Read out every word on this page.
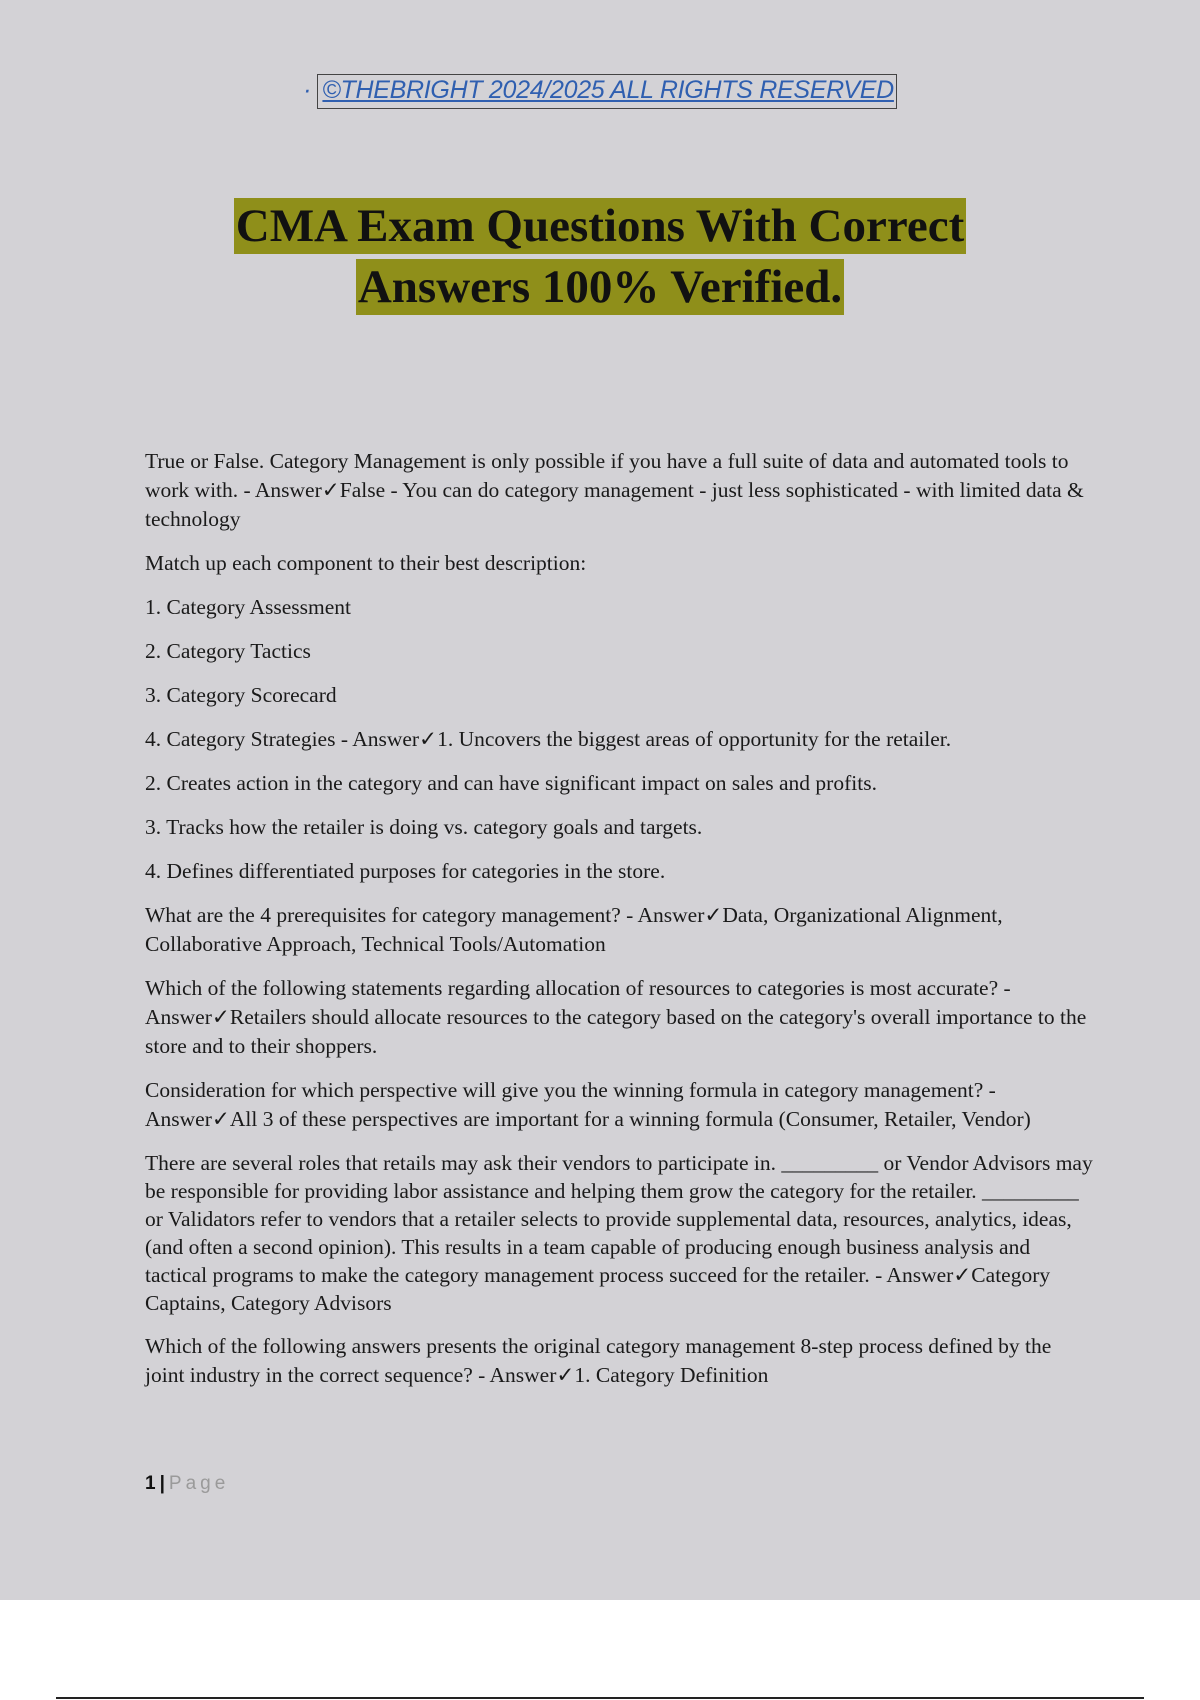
· ©THEBRIGHT 2024/2025 ALL RIGHTS RESERVED
CMA Exam Questions With Correct
Answers 100% Verified.

True or False. Category Management is only possible if you have a full suite of data and automated tools to work with. - Answer✓False - You can do category management - just less sophisticated - with limited data & technology

Match up each component to their best description:

1. Category Assessment

2. Category Tactics

3. Category Scorecard

4. Category Strategies - Answer✓1. Uncovers the biggest areas of opportunity for the retailer.

2. Creates action in the category and can have significant impact on sales and profits.

3. Tracks how the retailer is doing vs. category goals and targets.

4. Defines differentiated purposes for categories in the store.

What are the 4 prerequisites for category management? - Answer✓Data, Organizational Alignment, Collaborative Approach, Technical Tools/Automation

Which of the following statements regarding allocation of resources to categories is most accurate? - Answer✓Retailers should allocate resources to the category based on the category's overall importance to the store and to their shoppers.

Consideration for which perspective will give you the winning formula in category management? - Answer✓All 3 of these perspectives are important for a winning formula (Consumer, Retailer, Vendor)

There are several roles that retails may ask their vendors to participate in. _________ or Vendor Advisors may be responsible for providing labor assistance and helping them grow the category for the retailer. _________ or Validators refer to vendors that a retailer selects to provide supplemental data, resources, analytics, ideas, (and often a second opinion). This results in a team capable of producing enough business analysis and tactical programs to make the category management process succeed for the retailer. - Answer✓Category Captains, Category Advisors

Which of the following answers presents the original category management 8-step process defined by the joint industry in the correct sequence? - Answer✓1. Category Definition

1 | Page
